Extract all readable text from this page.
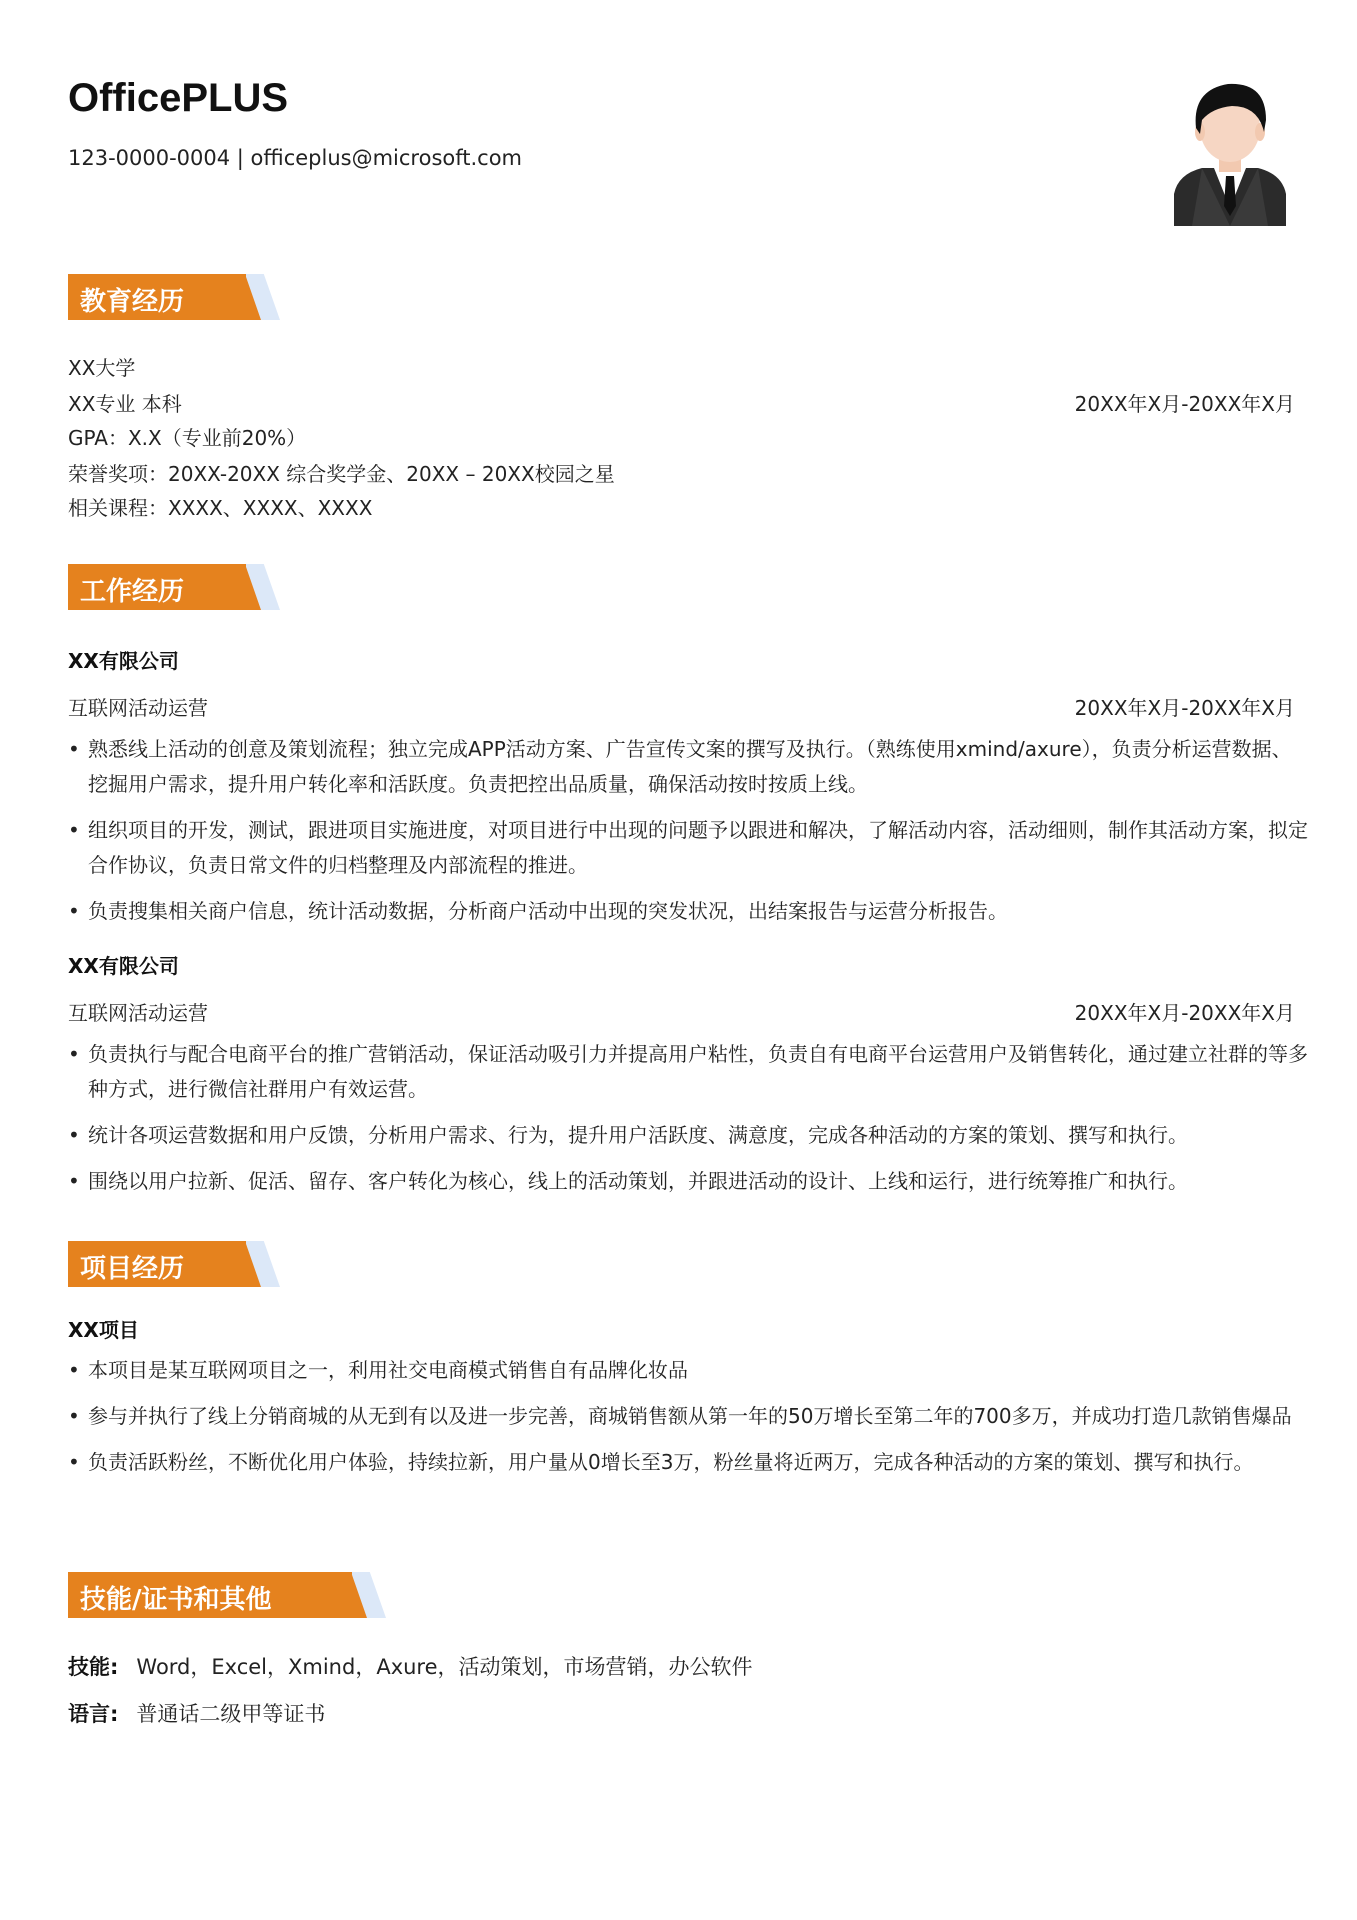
OfficePLUS
123-0000-0004 | officeplus@microsoft.com
教育经历
XX大学
XX专业 本科	20XX年X月-20XX年X月
GPA：X.X（专业前20%）
荣誉奖项：20XX-20XX 综合奖学金、20XX – 20XX校园之星
相关课程：XXXX、XXXX、XXXX
工作经历
XX有限公司
互联网活动运营	20XX年X月-20XX年X月
• 熟悉线上活动的创意及策划流程；独立完成APP活动方案、广告宣传文案的撰写及执行。（熟练使用xmind/axure），负责分析运营数据、挖掘用户需求，提升用户转化率和活跃度。负责把控出品质量，确保活动按时按质上线。
• 组织项目的开发，测试，跟进项目实施进度，对项目进行中出现的问题予以跟进和解决，了解活动内容，活动细则，制作其活动方案，拟定合作协议，负责日常文件的归档整理及内部流程的推进。
• 负责搜集相关商户信息，统计活动数据，分析商户活动中出现的突发状况，出结案报告与运营分析报告。
XX有限公司
互联网活动运营	20XX年X月-20XX年X月
• 负责执行与配合电商平台的推广营销活动，保证活动吸引力并提高用户粘性，负责自有电商平台运营用户及销售转化，通过建立社群的等多种方式，进行微信社群用户有效运营。
• 统计各项运营数据和用户反馈，分析用户需求、行为，提升用户活跃度、满意度，完成各种活动的方案的策划、撰写和执行。
• 围绕以用户拉新、促活、留存、客户转化为核心，线上的活动策划，并跟进活动的设计、上线和运行，进行统筹推广和执行。
项目经历
XX项目
• 本项目是某互联网项目之一，利用社交电商模式销售自有品牌化妆品
• 参与并执行了线上分销商城的从无到有以及进一步完善，商城销售额从第一年的50万增长至第二年的700多万，并成功打造几款销售爆品
• 负责活跃粉丝，不断优化用户体验，持续拉新，用户量从0增长至3万，粉丝量将近两万，完成各种活动的方案的策划、撰写和执行。
技能/证书和其他
技能: Word，Excel，Xmind，Axure，活动策划，市场营销，办公软件
语言: 普通话二级甲等证书
